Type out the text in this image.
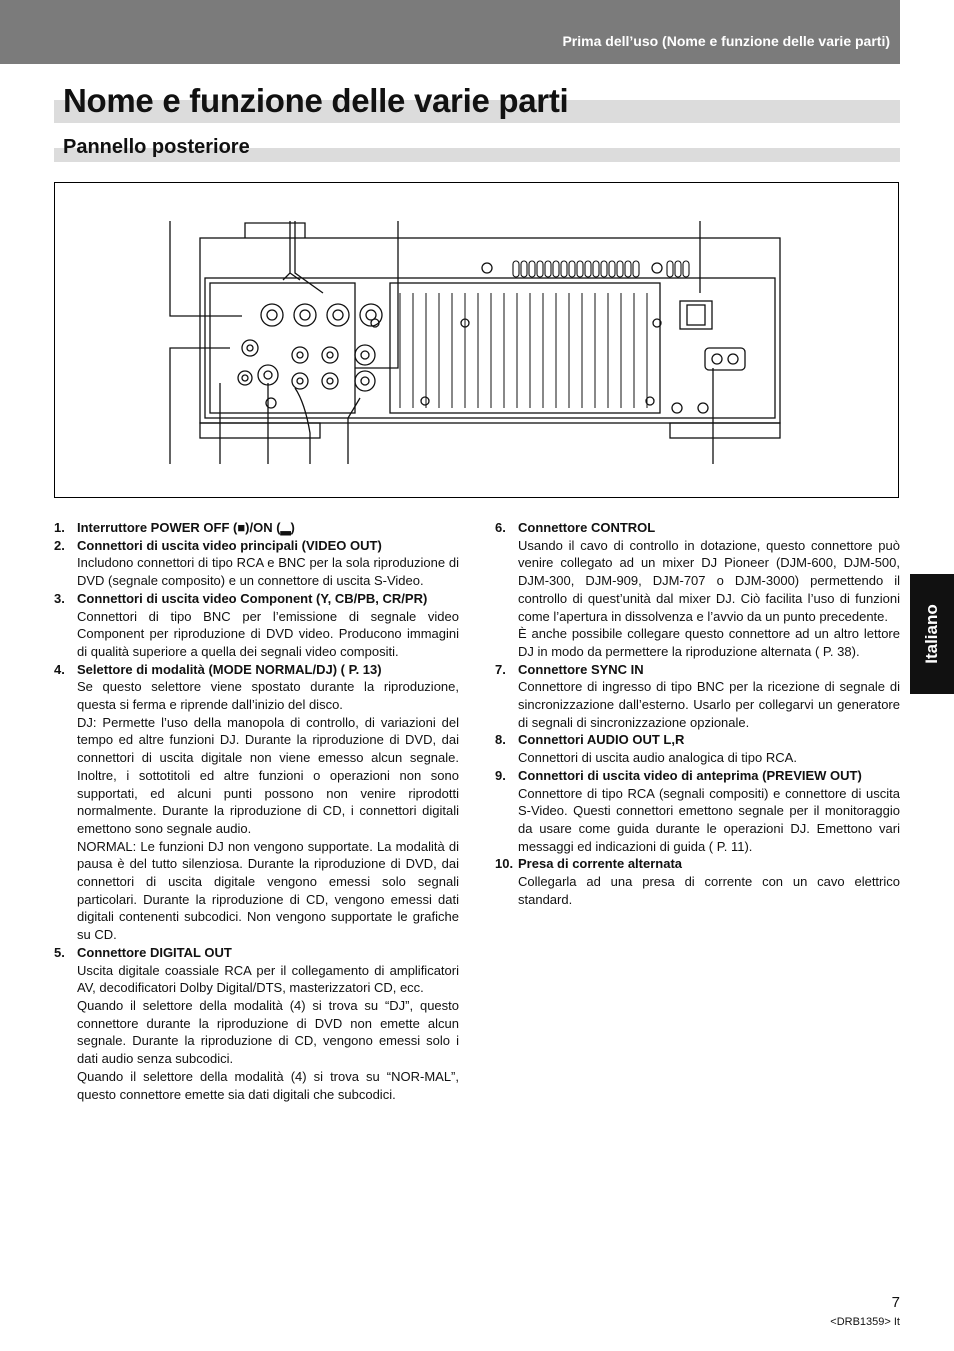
Prima dell’uso (Nome e funzione delle varie parti)
Nome e funzione delle varie parti
Pannello posteriore
1. Interruttore POWER OFF (■)/ON (▂)
2. Connettori di uscita video principali (VIDEO OUT)

Includono connettori di tipo RCA e BNC per la sola riproduzione di DVD (segnale composito) e un connettore di uscita S-Video.

3. Connettori di uscita video Component (Y, CB/PB, CR/PR)

Connettori di tipo BNC per l’emissione di segnale video Component per riproduzione di DVD video. Producono immagini di qualità superiore a quella dei segnali video compositi.

4. Selettore di modalità (MODE NORMAL/DJ) ( P. 13)

Se questo selettore viene spostato durante la riproduzione, questa si ferma e riprende dall’inizio del disco.

DJ: Permette l’uso della manopola di controllo, di variazioni del tempo ed altre funzioni DJ. Durante la riproduzione di DVD, dai connettori di uscita digitale non viene emesso alcun segnale. Inoltre, i sottotitoli ed altre funzioni o operazioni non sono supportati, ed alcuni punti possono non venire riprodotti normalmente. Durante la riproduzione di CD, i connettori digitali emettono sono segnale audio.

NORMAL: Le funzioni DJ non vengono supportate. La modalità di pausa è del tutto silenziosa. Durante la riproduzione di DVD, dai connettori di uscita digitale vengono emessi solo segnali particolari. Durante la riproduzione di CD, vengono emessi dati digitali contenenti subcodici. Non vengono supportate le grafiche su CD.

5. Connettore DIGITAL OUT

Uscita digitale coassiale RCA per il collegamento di amplificatori AV, decodificatori Dolby Digital/DTS, masterizzatori CD, ecc.

Quando il selettore della modalità (4) si trova su “DJ”, questo connettore durante la riproduzione di DVD non emette alcun segnale. Durante la riproduzione di CD, vengono emessi solo i dati audio senza subcodici.

Quando il selettore della modalità (4) si trova su “NOR-MAL”, questo connettore emette sia dati digitali che subcodici.

6. Connettore CONTROL

Usando il cavo di controllo in dotazione, questo connettore può venire collegato ad un mixer DJ Pioneer (DJM-600, DJM-500, DJM-300, DJM-909, DJM-707 o DJM-3000) permettendo il controllo di quest’unità dal mixer DJ. Ciò facilita l’uso di funzioni come l’apertura in dissolvenza e l’avvio da un punto precedente.

È anche possibile collegare questo connettore ad un altro lettore DJ in modo da permettere la riproduzione alternata ( P. 38).

7. Connettore SYNC IN

Connettore di ingresso di tipo BNC per la ricezione di segnale di sincronizzazione dall’esterno. Usarlo per collegarvi un generatore di segnali di sincronizzazione opzionale.

8. Connettori AUDIO OUT L,R

Connettori di uscita audio analogica di tipo RCA.

9. Connettori di uscita video di anteprima (PREVIEW OUT)

Connettore di tipo RCA (segnali compositi) e connettore di uscita S-Video. Questi connettori emettono segnale per il monitoraggio da usare come guida durante le operazioni DJ. Emettono vari messaggi ed indicazioni di guida ( P. 11).

10. Presa di corrente alternata

Collegarla ad una presa di corrente con un cavo elettrico standard.

Italiano
7
<DRB1359> It
